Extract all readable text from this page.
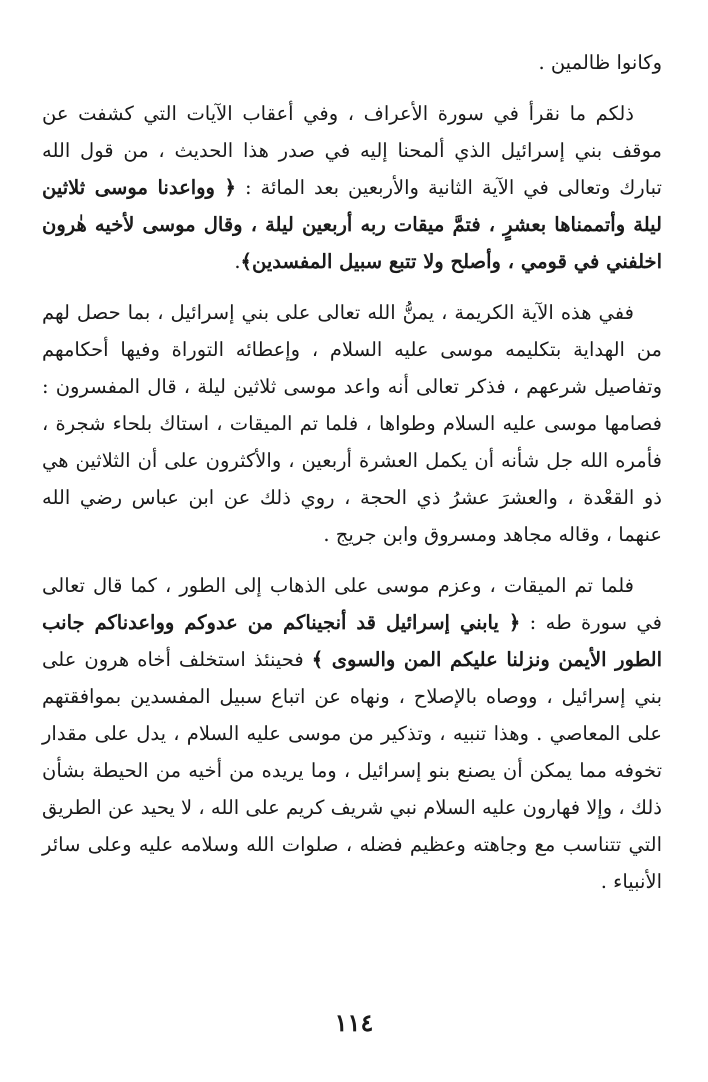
وكانوا ظالمين .

ذلكم ما نقرأ في سورة الأعراف ، وفي أعقاب الآيات التي كشفت عن موقف بني إسرائيل الذي ألمحنا إليه في صدر هذا الحديث ، من قول الله تبارك وتعالى في الآية الثانية والأربعين بعد المائة : ﴿ وواعدنا موسى ثلاثين ليلة وأتممناها بعشرٍ ، فتمَّ ميقات ربه أربعين ليلة ، وقال موسى لأخيه هٰرون اخلفني في قومي ، وأصلح ولا تتبع سبيل المفسدين﴾.

ففي هذه الآية الكريمة ، يمنُّ الله تعالى على بني إسرائيل ، بما حصل لهم من الهداية بتكليمه موسى عليه السلام ، وإعطائه التوراة وفيها أحكامهم وتفاصيل شرعهم ، فذكر تعالى أنه واعد موسى ثلاثين ليلة ، قال المفسرون : فصامها موسى عليه السلام وطواها ، فلما تم الميقات ، استاك بلحاء شجرة ، فأمره الله جل شأنه أن يكمل العشرة أربعين ، والأكثرون على أن الثلاثين هي ذو القعْدة ، والعشرَ عشرُ ذي الحجة ، روي ذلك عن ابن عباس رضي الله عنهما ، وقاله مجاهد ومسروق وابن جريج .

فلما تم الميقات ، وعزم موسى على الذهاب إلى الطور ، كما قال تعالى في سورة طه : ﴿ يابني إسرائيل قد أنجيناكم من عدوكم وواعدناكم جانب الطور الأيمن ونزلنا عليكم المن والسوى ﴾ فحينئذ استخلف أخاه هرون على بني إسرائيل ، ووصاه بالإصلاح ، ونهاه عن اتباع سبيل المفسدين بموافقتهم على المعاصي . وهذا تنبيه ، وتذكير من موسى عليه السلام ، يدل على مقدار تخوفه مما يمكن أن يصنع بنو إسرائيل ، وما يريده من أخيه من الحيطة بشأن ذلك ، وإلا فهارون عليه السلام نبي شريف كريم على الله ، لا يحيد عن الطريق التي تتناسب مع وجاهته وعظيم فضله ، صلوات الله وسلامه عليه وعلى سائر الأنبياء .

١١٤
